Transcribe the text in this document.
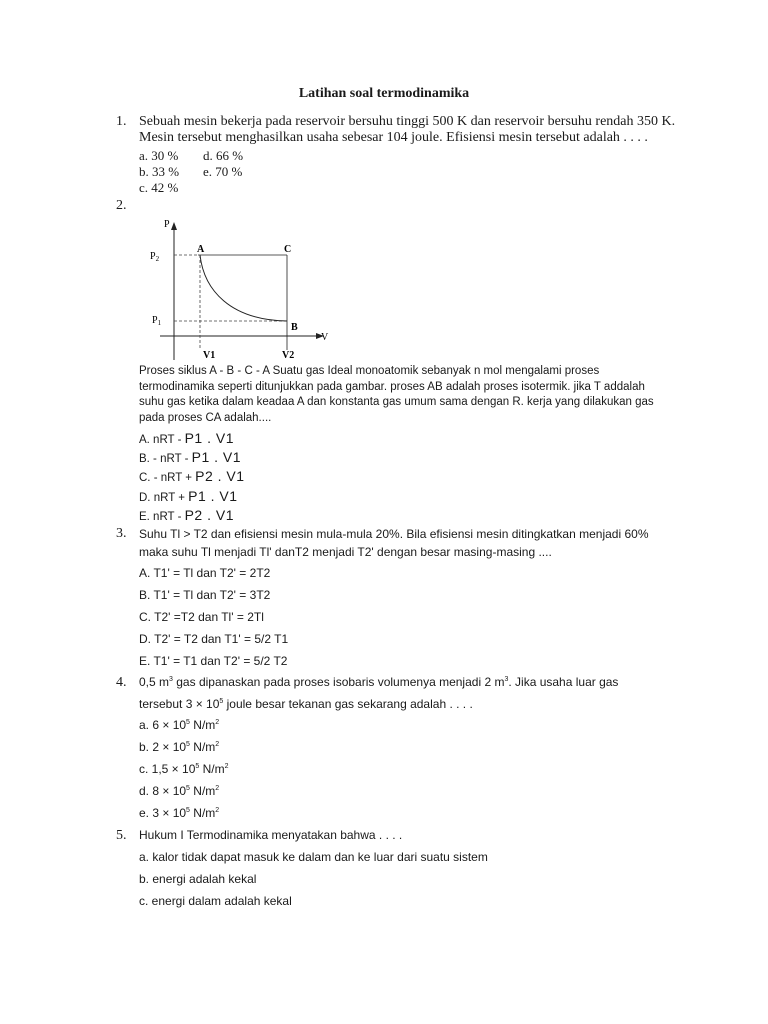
Latihan soal termodinamika
1. Sebuah mesin bekerja pada reservoir bersuhu tinggi 500 K dan reservoir bersuhu rendah 350 K. Mesin tersebut menghasilkan usaha sebesar 104 joule. Efisiensi mesin tersebut adalah . . . .
a. 30 %
b. 33 %
c. 42 %
d. 66 %
e. 70 %
2.
P
V
$P_2$
$P_1$
A	C
B
V1	V2
Proses siklus A - B - C - A Suatu gas Ideal monoatomik sebanyak n mol mengalami proses termodinamika seperti ditunjukkan pada gambar. proses AB adalah proses isotermik. jika T addalah suhu gas ketika dalam keadaa A dan konstanta gas umum sama dengan R. kerja yang dilakukan gas pada proses CA adalah....
A. nRT - P1 . V1
B. - nRT - P1 . V1
C. - nRT + P2 . V1
D. nRT + P1 . V1
E. nRT - P2 . V1
3. Suhu Tl > T2 dan efisiensi mesin mula-mula 20%. Bila efisiensi mesin ditingkatkan menjadi 60% maka suhu Tl menjadi Tl' danT2 menjadi T2' dengan besar masing-masing ....
A. T1' = Tl dan T2' = 2T2
B. T1' = Tl dan T2' = 3T2
C. T2' =T2 dan Tl' = 2Tl
D. T2' = T2 dan T1' = 5/2 T1
E. T1' = T1 dan T2' = 5/2 T2
4. 0,5 $m^3$ gas dipanaskan pada proses isobaris volumenya menjadi 2 $m^3$. Jika usaha luar gas
tersebut $3 \times 10^5$ joule besar tekanan gas sekarang adalah . . . .
a. $6 \times 10^5$ $N/m^2$
b. $2 \times 10^5$ $N/m^2$
c. $1,5 \times 10^5$ $N/m^2$
d. $8 \times 10^5$ $N/m^2$
e. $3 \times 10^5$ $N/m^2$
5. Hukum I Termodinamika menyatakan bahwa . . . .
a. kalor tidak dapat masuk ke dalam dan ke luar dari suatu sistem
b. energi adalah kekal
c. energi dalam adalah kekal
